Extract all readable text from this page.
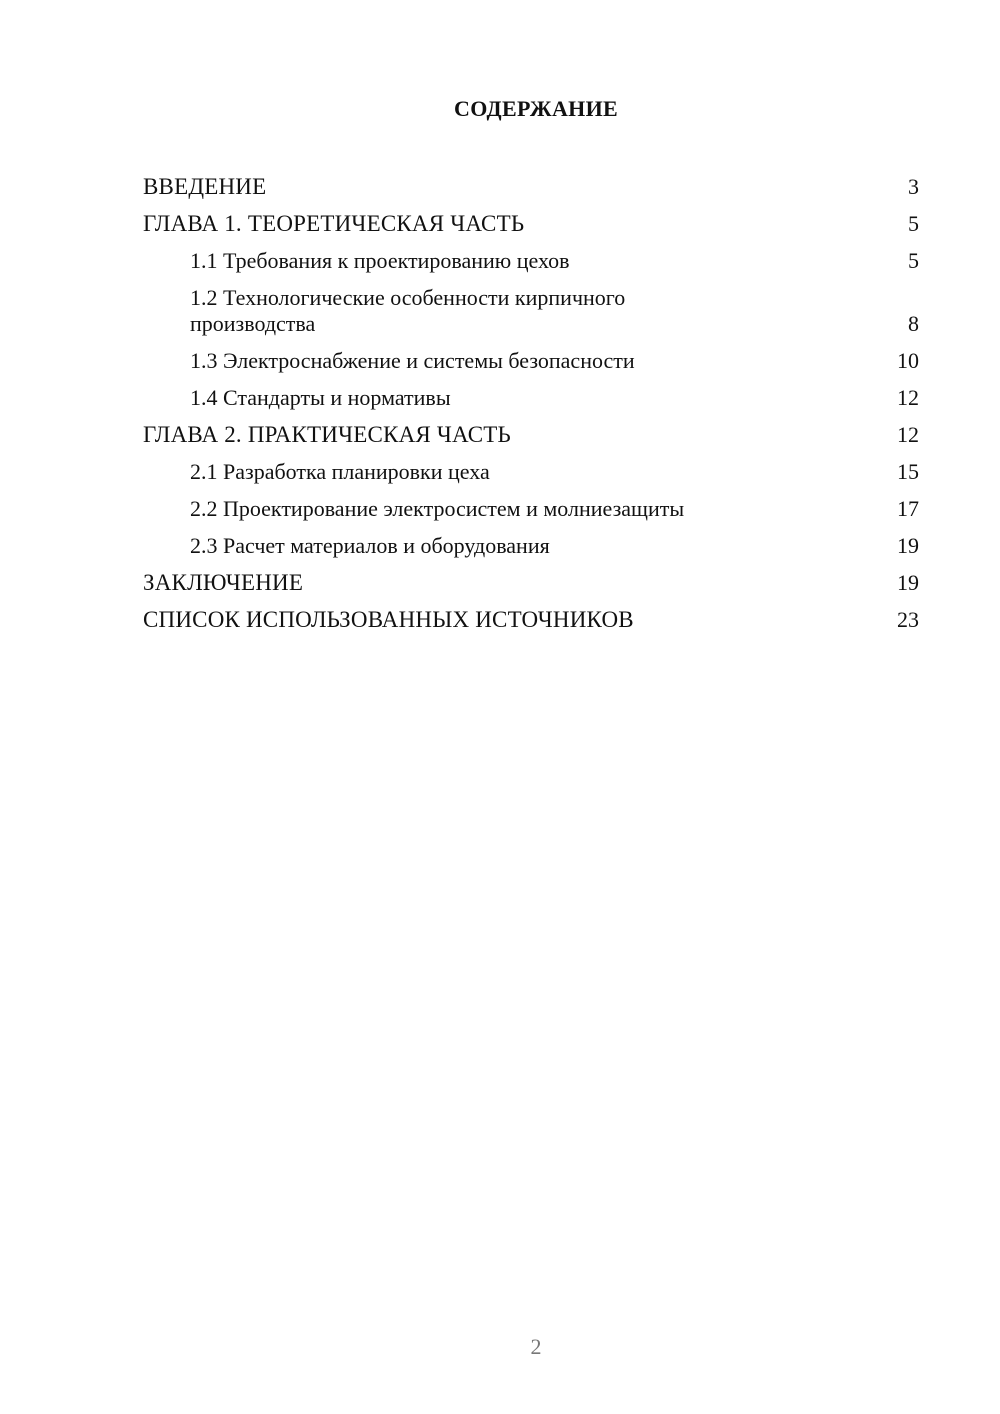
СОДЕРЖАНИЕ
ВВЕДЕНИЕ	3
ГЛАВА 1. ТЕОРЕТИЧЕСКАЯ ЧАСТЬ	5
1.1 Требования к проектированию цехов	5
1.2 Технологические особенности кирпичного производства	8
1.3 Электроснабжение и системы безопасности	10
1.4 Стандарты и нормативы	12
ГЛАВА 2. ПРАКТИЧЕСКАЯ ЧАСТЬ	12
2.1 Разработка планировки цеха	15
2.2 Проектирование электросистем и молниезащиты	17
2.3 Расчет материалов и оборудования	19
ЗАКЛЮЧЕНИЕ	19
СПИСОК ИСПОЛЬЗОВАННЫХ ИСТОЧНИКОВ	23
2
